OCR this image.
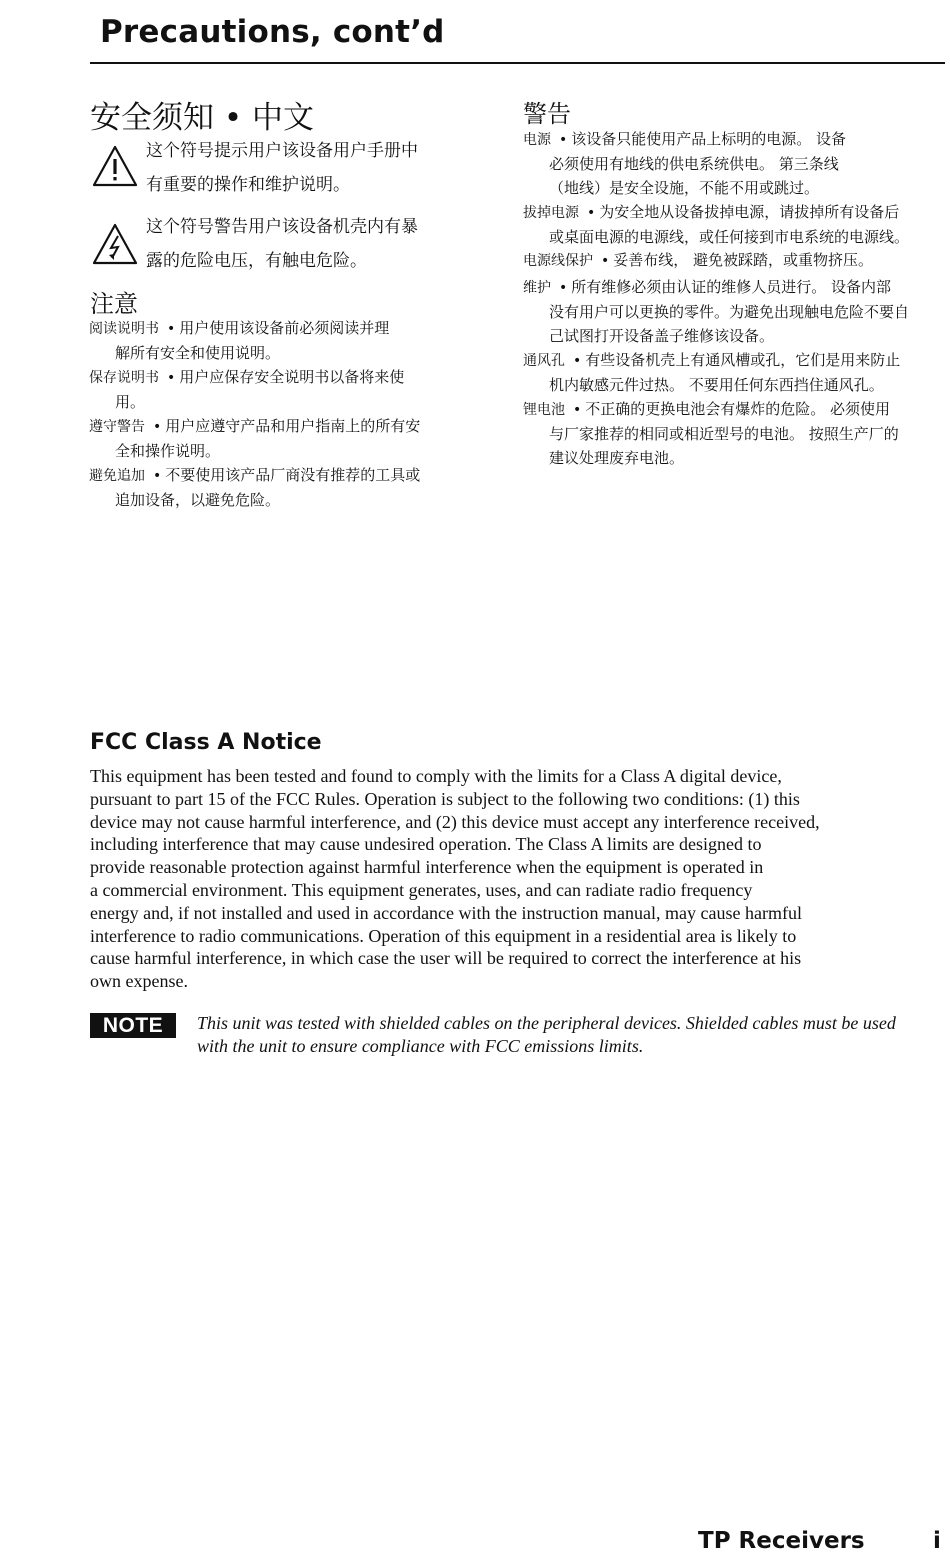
Precautions, cont’d
安全须知 • 中文
这个符号提示用户该设备用户手册中
有重要的操作和维护说明。
这个符号警告用户该设备机壳内有暴
露的危险电压，有触电危险。
注意
阅读说明书 • 用户使用该设备前必须阅读并理
解所有安全和使用说明。
保存说明书 • 用户应保存安全说明书以备将来使
用。
遵守警告 • 用户应遵守产品和用户指南上的所有安
全和操作说明。
避免追加 • 不要使用该产品厂商没有推荐的工具或
追加设备，以避免危险。
警告
电源 • 该设备只能使用产品上标明的电源。 设备
必须使用有地线的供电系统供电。 第三条线
（地线）是安全设施，不能不用或跳过。
拔掉电源 • 为安全地从设备拔掉电源，请拔掉所有设备后
或桌面电源的电源线，或任何接到市电系统的电源线。
电源线保护 • 妥善布线， 避免被踩踏，或重物挤压。
维护 • 所有维修必须由认证的维修人员进行。 设备内部
没有用户可以更换的零件。为避免出现触电危险不要自
己试图打开设备盖子维修该设备。
通风孔 • 有些设备机壳上有通风槽或孔，它们是用来防止
机内敏感元件过热。 不要用任何东西挡住通风孔。
锂电池 • 不正确的更换电池会有爆炸的危险。 必须使用
与厂家推荐的相同或相近型号的电池。 按照生产厂的
建议处理废弃电池。
FCC Class A Notice
This equipment has been tested and found to comply with the limits for a Class A digital device,
pursuant to part 15 of the FCC Rules. Operation is subject to the following two conditions: (1) this
device may not cause harmful interference, and (2) this device must accept any interference received,
including interference that may cause undesired operation. The Class A limits are designed to
provide reasonable protection against harmful interference when the equipment is operated in
a commercial environment. This equipment generates, uses, and can radiate radio frequency
energy and, if not installed and used in accordance with the instruction manual, may cause harmful
interference to radio communications. Operation of this equipment in a residential area is likely to
cause harmful interference, in which case the user will be required to correct the interference at his
own expense.
NOTE	This unit was tested with shielded cables on the peripheral devices. Shielded cables must be used
with the unit to ensure compliance with FCC emissions limits.
TP Receivers	i
